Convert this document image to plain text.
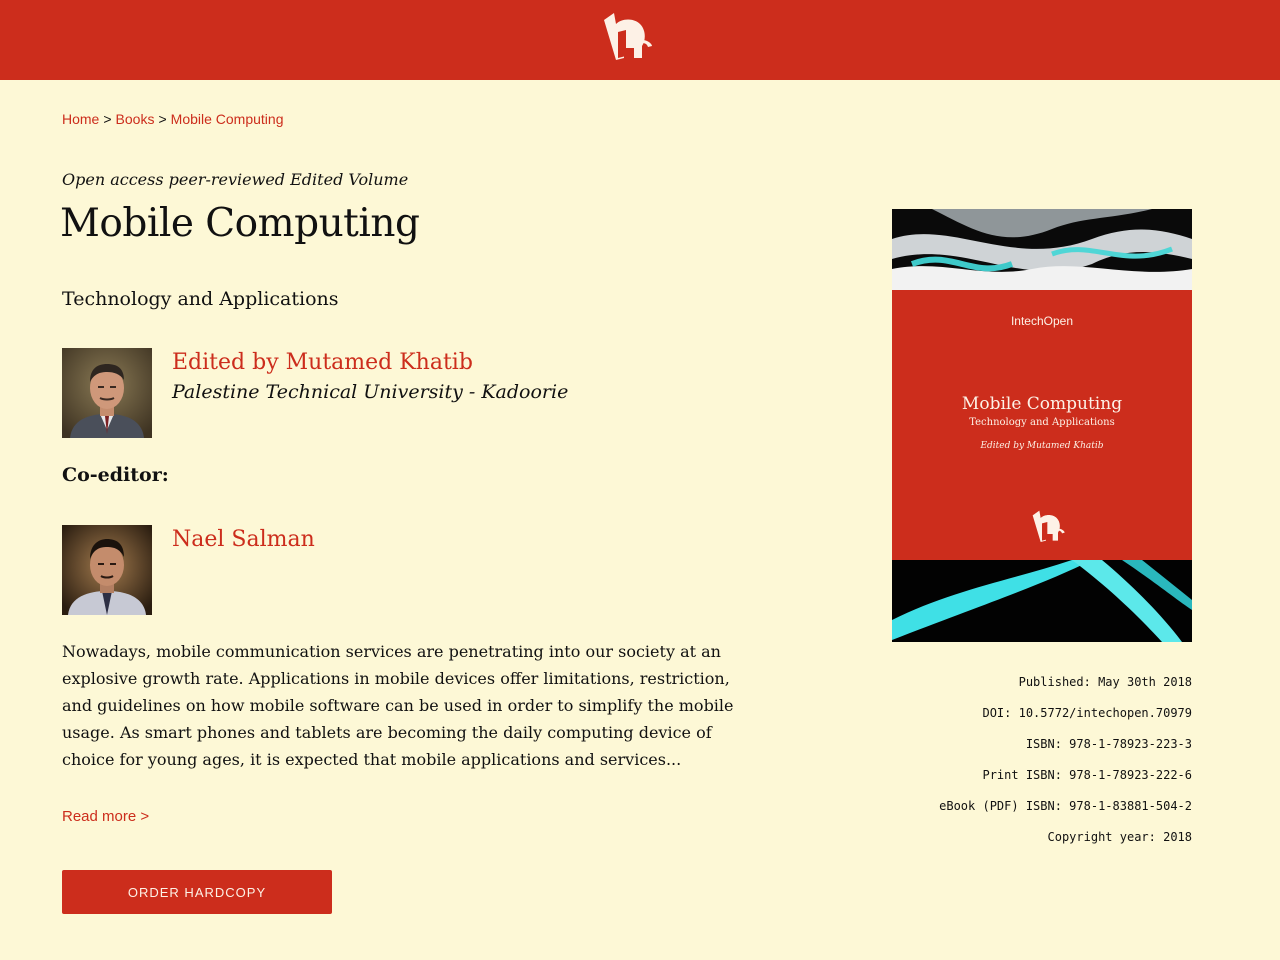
Home > Books > Mobile Computing
Open access peer-reviewed Edited Volume
Mobile Computing
Technology and Applications
Edited by Mutamed Khatib
Palestine Technical University - Kadoorie
Co-editor:
Nael Salman

Nowadays, mobile communication services are penetrating into our society at an explosive growth rate. Applications in mobile devices offer limitations, restriction, and guidelines on how mobile software can be used in order to simplify the mobile usage. As smart phones and tablets are becoming the daily computing device of choice for young ages, it is expected that mobile applications and services...

Read more >
ORDER HARDCOPY
IntechOpen
Mobile Computing
Technology and Applications
Edited by Mutamed Khatib
Published: May 30th 2018
DOI: 10.5772/intechopen.70979
ISBN: 978-1-78923-223-3
Print ISBN: 978-1-78923-222-6
eBook (PDF) ISBN: 978-1-83881-504-2
Copyright year: 2018
